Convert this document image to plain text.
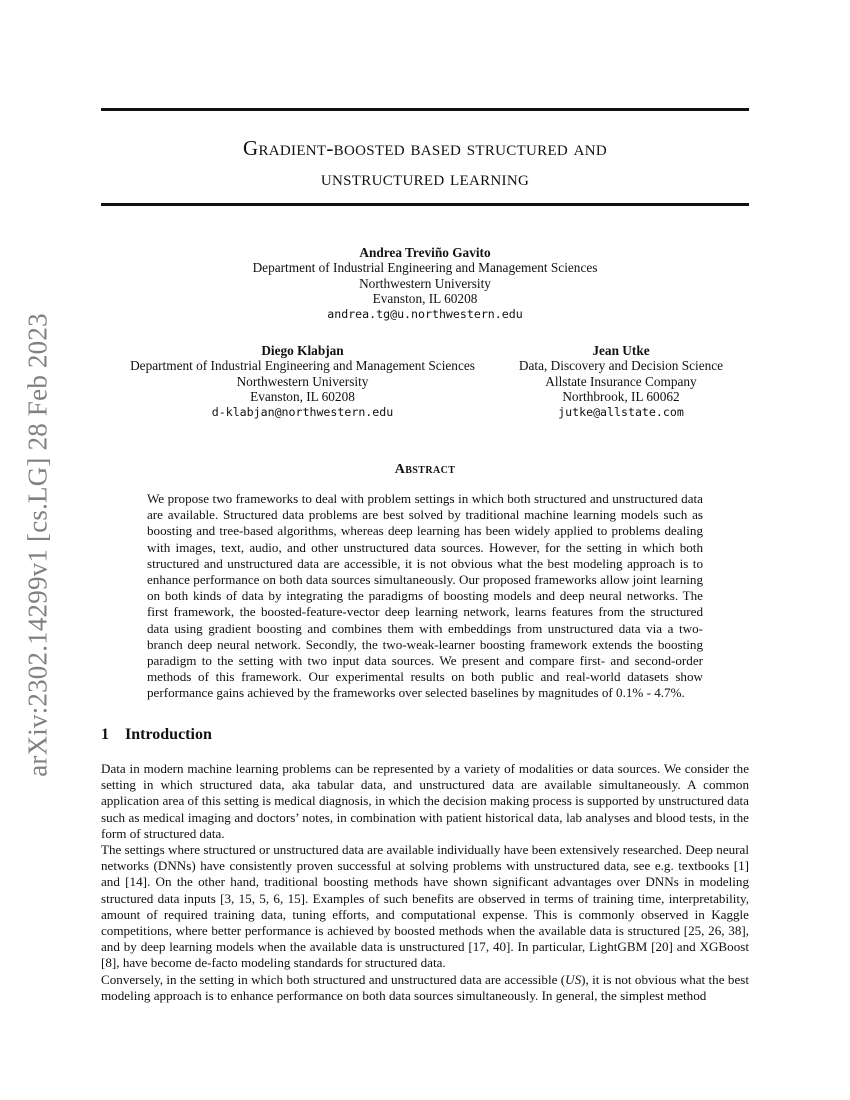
arXiv:2302.14299v1 [cs.LG] 28 Feb 2023
Gradient-boosted based structured and
unstructured learning
Andrea Treviño Gavito
Department of Industrial Engineering and Management Sciences
Northwestern University
Evanston, IL 60208
andrea.tg@u.northwestern.edu
Diego Klabjan
Department of Industrial Engineering and Management Sciences
Northwestern University
Evanston, IL 60208
d-klabjan@northwestern.edu
Jean Utke
Data, Discovery and Decision Science
Allstate Insurance Company
Northbrook, IL 60062
jutke@allstate.com
Abstract

We propose two frameworks to deal with problem settings in which both structured and unstructured data are available. Structured data problems are best solved by traditional machine learning models such as boosting and tree-based algorithms, whereas deep learning has been widely applied to problems dealing with images, text, audio, and other unstructured data sources. However, for the setting in which both structured and unstructured data are accessible, it is not obvious what the best modeling approach is to enhance performance on both data sources simultaneously. Our proposed frameworks allow joint learning on both kinds of data by integrating the paradigms of boosting models and deep neural networks. The first framework, the boosted-feature-vector deep learning network, learns features from the structured data using gradient boosting and combines them with embeddings from unstructured data via a two-branch deep neural network. Secondly, the two-weak-learner boosting framework extends the boosting paradigm to the setting with two input data sources. We present and compare first- and second-order methods of this framework. Our experimental results on both public and real-world datasets show performance gains achieved by the frameworks over selected baselines by magnitudes of 0.1% - 4.7%.

1 Introduction

Data in modern machine learning problems can be represented by a variety of modalities or data sources. We consider the setting in which structured data, aka tabular data, and unstructured data are available simultaneously. A common application area of this setting is medical diagnosis, in which the decision making process is supported by unstructured data such as medical imaging and doctors’ notes, in combination with patient historical data, lab analyses and blood tests, in the form of structured data.

The settings where structured or unstructured data are available individually have been extensively researched. Deep neural networks (DNNs) have consistently proven successful at solving problems with unstructured data, see e.g. textbooks [1] and [14]. On the other hand, traditional boosting methods have shown significant advantages over DNNs in modeling structured data inputs [3, 15, 5, 6, 15]. Examples of such benefits are observed in terms of training time, interpretability, amount of required training data, tuning efforts, and computational expense. This is commonly observed in Kaggle competitions, where better performance is achieved by boosted methods when the available data is structured [25, 26, 38], and by deep learning models when the available data is unstructured [17, 40]. In particular, LightGBM [20] and XGBoost [8], have become de-facto modeling standards for structured data.

Conversely, in the setting in which both structured and unstructured data are accessible (US), it is not obvious what the best modeling approach is to enhance performance on both data sources simultaneously. In general, the simplest method
